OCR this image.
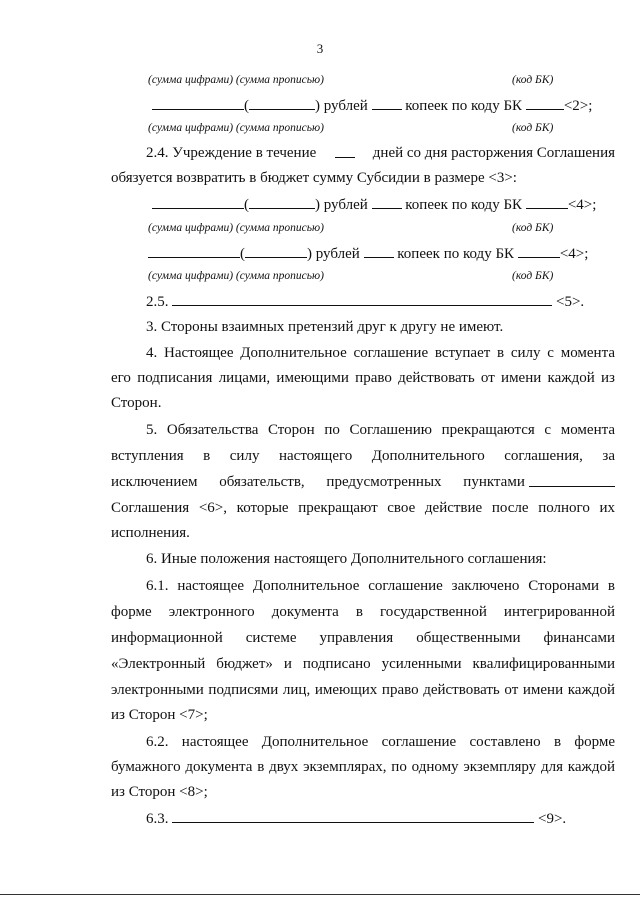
3
(сумма цифрами) (сумма прописью)	(код БК)
(	) рублей	копеек по коду БК	<2>;
(сумма цифрами) (сумма прописью)	(код БК)
2.4. Учреждение в течение	дней со дня расторжения Соглашения
обязуется возвратить в бюджет сумму Субсидии в размере <3>:
(	) рублей	копеек по коду БК	<4>;
(сумма цифрами) (сумма прописью)	(код БК)
(	) рублей	копеек по коду БК	<4>;
(сумма цифрами) (сумма прописью)	(код БК)
2.5.	<5>.
3. Стороны взаимных претензий друг к другу не имеют.
4. Настоящее Дополнительное соглашение вступает в силу с момента
его подписания лицами, имеющими право действовать от имени каждой из
Сторон.
5. Обязательства Сторон по Соглашению прекращаются с момента
вступления в силу настоящего Дополнительного соглашения, за
исключением обязательств, предусмотренных пунктами
Соглашения <6>, которые прекращают свое действие после полного их
исполнения.
6. Иные положения настоящего Дополнительного соглашения:
6.1. настоящее Дополнительное соглашение заключено Сторонами в
форме электронного документа в государственной интегрированной
информационной системе управления общественными финансами
«Электронный бюджет» и подписано усиленными квалифицированными
электронными подписями лиц, имеющих право действовать от имени каждой
из Сторон <7>;
6.2. настоящее Дополнительное соглашение составлено в форме
бумажного документа в двух экземплярах, по одному экземпляру для каждой
из Сторон <8>;
6.3.	<9>.
